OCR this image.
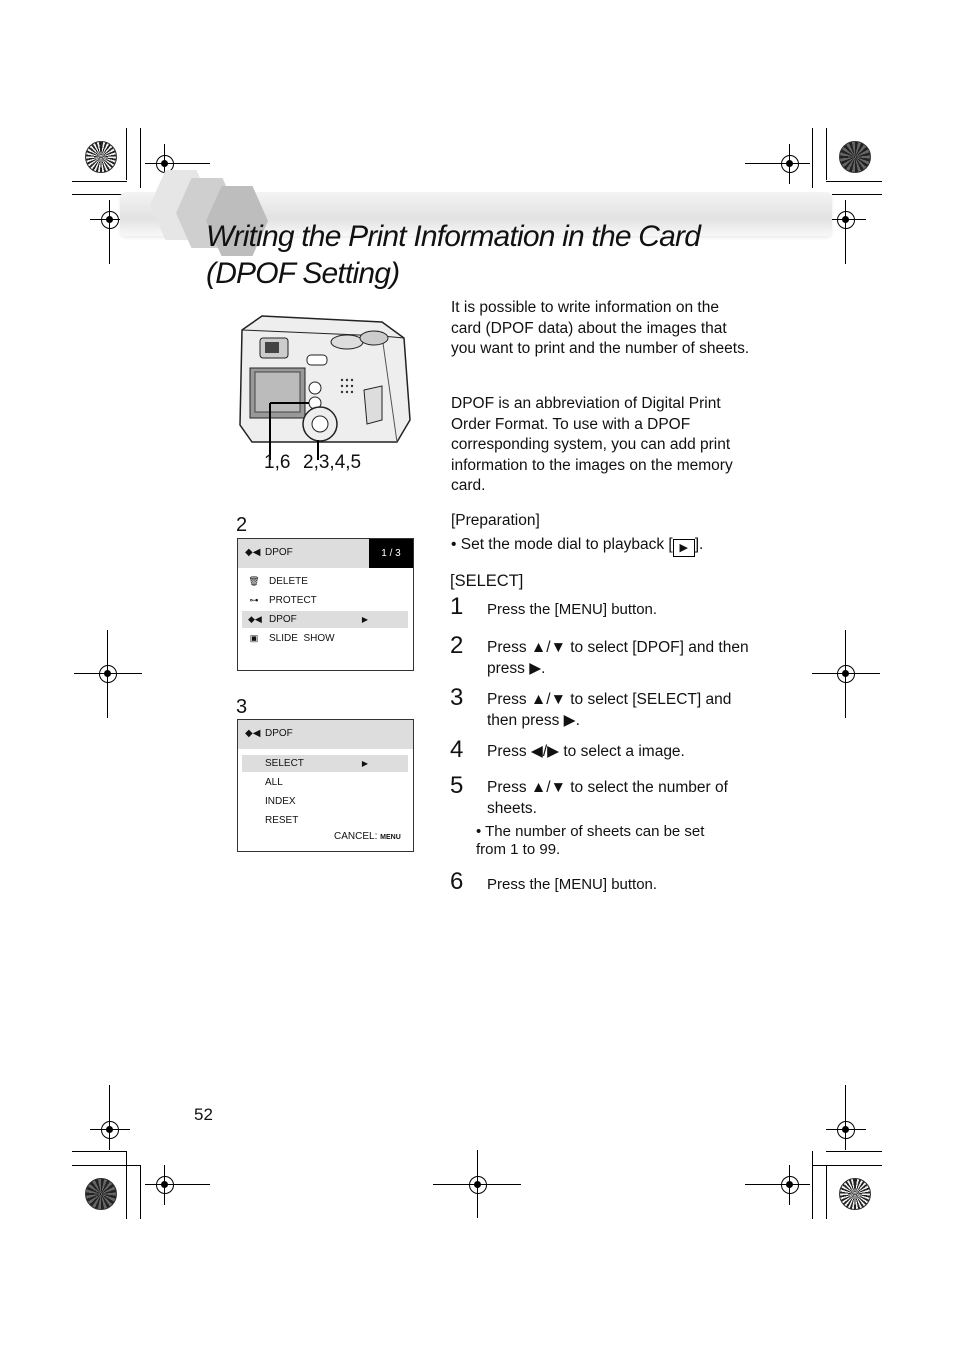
Writing the Print Information in the Card
(DPOF Setting)
1,6 2,3,4,5
2
◆◀ DPOF	1 / 3
🗑 DELETE
⊶ PROTECT
◆◀ DPOF	▶
▣ SLIDE  SHOW
3
◆◀ DPOF
SELECT	▶
ALL
INDEX
RESET
CANCEL: MENU
It is possible to write information on the card (DPOF data) about the images that you want to print and the number of sheets.
DPOF is an abbreviation of Digital Print Order Format. To use with a DPOF corresponding system, you can add print information to the images on the memory card.
[Preparation]
• Set the mode dial to playback [ ▶ ].
[SELECT]
1 Press the [MENU] button.
2 Press ▲/▼ to select [DPOF] and then press ▶.
3 Press ▲/▼ to select [SELECT] and then press ▶.
4 Press ◀/▶ to select a image.
5 Press ▲/▼ to select the number of sheets.
• The number of sheets can be set from 1 to 99.
6 Press the [MENU] button.
52
